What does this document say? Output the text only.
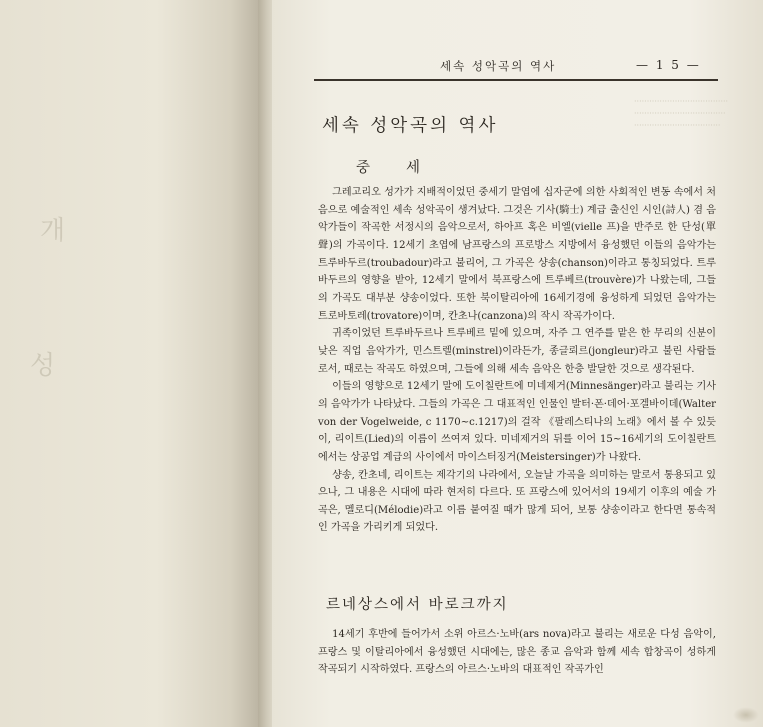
개
성
세속 성악곡의 역사	— 1 5 —
·····································
····································
··································
세속 성악곡의 역사
중세

그레고리오 성가가 지배적이었던 중세기 말엽에 십자군에 의한 사회적인 변동 속에서 처음으로 예술적인 세속 성악곡이 생겨났다. 그것은 기사(騎士) 계급 출신인 시인(詩人) 겸 음악가들이 작곡한 서정시의 음악으로서, 하아프 혹은 비엘(vielle 프)을 반주로 한 단성(單聲)의 가곡이다. 12세기 초엽에 남프랑스의 프로방스 지방에서 융성했던 이들의 음악가는 트루바두르(troubadour)라고 불리어, 그 가곡은 샹송(chanson)이라고 통칭되었다. 트루바두르의 영향을 받아, 12세기 말에서 북프랑스에 트루베르(trouvère)가 나왔는데, 그들의 가곡도 대부분 샹송이었다. 또한 북이탈리아에 16세기경에 융성하게 되었던 음악가는 트로바토레(trovatore)이며, 칸초나(canzona)의 작시 작곡가이다.

귀족이었던 트루바두르나 트루베르 밑에 있으며, 자주 그 연주를 맡은 한 무리의 신분이 낮은 직업 음악가가, 민스트렐(minstrel)이라든가, 종글뢰르(jongleur)라고 불린 사람들로서, 때로는 작곡도 하였으며, 그들에 의해 세속 음악은 한층 발달한 것으로 생각된다.

이들의 영향으로 12세기 말에 도이칠란트에 미네제거(Minnesänger)라고 불리는 기사의 음악가가 나타났다. 그들의 가곡은 그 대표적인 인물인 발터·폰·데어·포겔바이데(Walter von der Vogelweide, c 1170~c.1217)의 걸작 《팔레스티나의 노래》에서 볼 수 있듯이, 리이트(Lied)의 이름이 쓰여져 있다. 미네제거의 뒤를 이어 15~16세기의 도이칠란트에서는 상공업 계급의 사이에서 마이스터징거(Meistersinger)가 나왔다.

샹송, 칸초네, 리이트는 제각기의 나라에서, 오늘날 가곡을 의미하는 말로서 통용되고 있으나, 그 내용은 시대에 따라 현저히 다르다. 또 프랑스에 있어서의 19세기 이후의 예술 가곡은, 멜로디(Mélodie)라고 이름 붙여질 때가 많게 되어, 보통 샹송이라고 한다면 통속적인 가곡을 가리키게 되었다.

르네상스에서 바로크까지

14세기 후반에 들어가서 소위 아르스·노바(ars nova)라고 불리는 새로운 다성 음악이, 프랑스 및 이탈리아에서 융성했던 시대에는, 많은 종교 음악과 함께 세속 합창곡이 성하게 작곡되기 시작하였다. 프랑스의 아르스·노바의 대표적인 작곡가인
